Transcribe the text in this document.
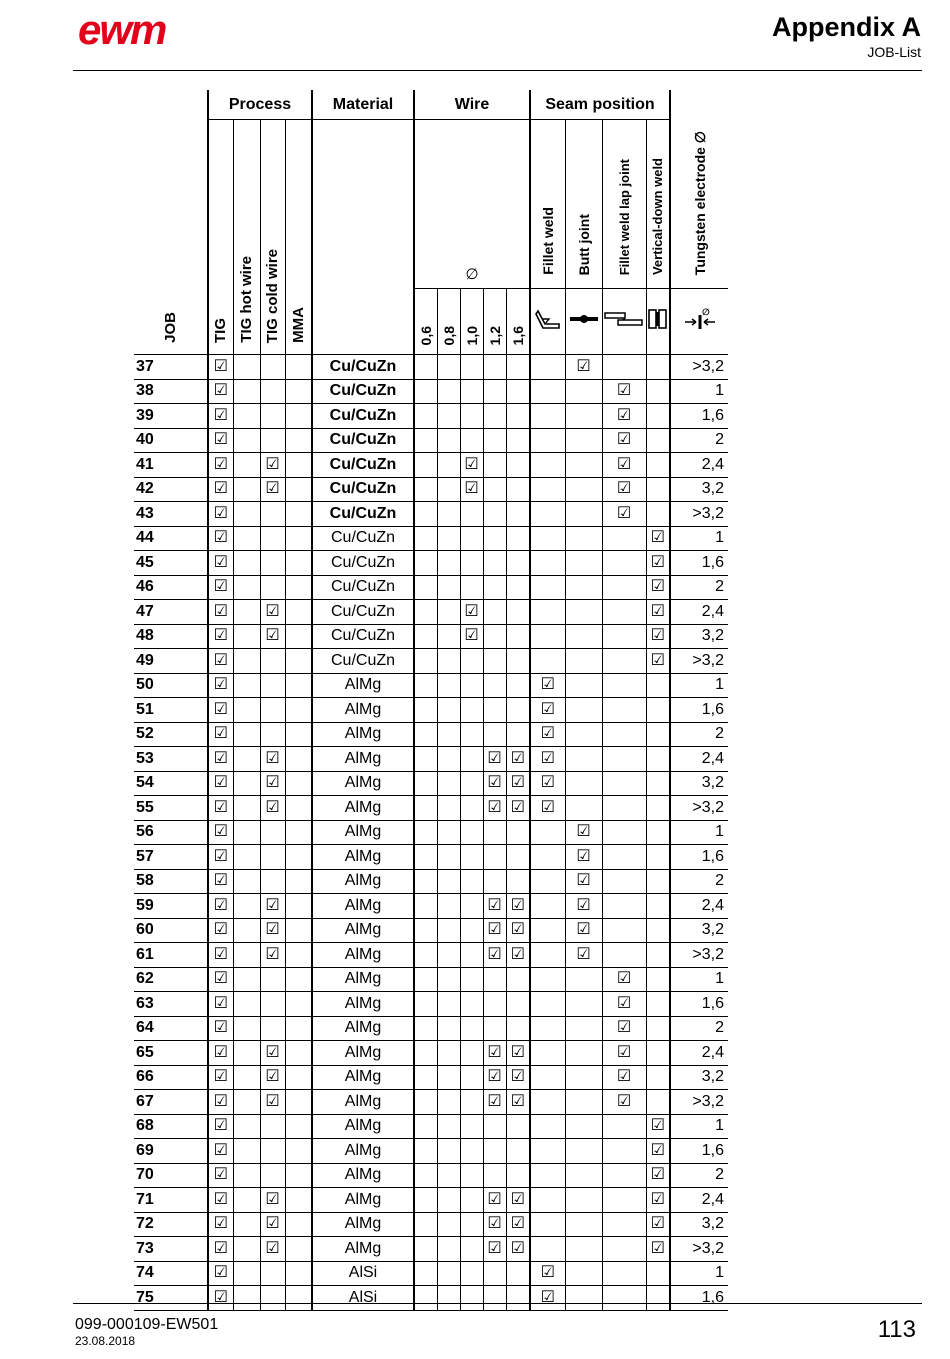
ewm	Appendix A
JOB-List
JOB	Process				Material	Wire					Seam position				Tungsten electrode ∅
	TIG	TIG hot wire	TIG cold wire	MMA		∅					Fillet weld	Butt joint	Fillet weld lap joint	Vertical-down weld	
						0,6	0,8	1,0	1,2	1,6					∅

37	☑				Cu/CuZn							☑			>3,2
38	☑				Cu/CuZn								☑		1
39	☑				Cu/CuZn								☑		1,6
40	☑				Cu/CuZn								☑		2
41	☑		☑		Cu/CuZn			☑					☑		2,4
42	☑		☑		Cu/CuZn			☑					☑		3,2
43	☑				Cu/CuZn								☑		>3,2
44	☑				Cu/CuZn									☑	1
45	☑				Cu/CuZn									☑	1,6
46	☑				Cu/CuZn									☑	2
47	☑		☑		Cu/CuZn			☑						☑	2,4
48	☑		☑		Cu/CuZn			☑						☑	3,2
49	☑				Cu/CuZn									☑	>3,2
50	☑				AlMg						☑				1
51	☑				AlMg						☑				1,6
52	☑				AlMg						☑				2
53	☑		☑		AlMg				☑	☑	☑				2,4
54	☑		☑		AlMg				☑	☑	☑				3,2
55	☑		☑		AlMg				☑	☑	☑				>3,2
56	☑				AlMg							☑			1
57	☑				AlMg							☑			1,6
58	☑				AlMg							☑			2
59	☑		☑		AlMg				☑	☑		☑			2,4
60	☑		☑		AlMg				☑	☑		☑			3,2
61	☑		☑		AlMg				☑	☑		☑			>3,2
62	☑				AlMg								☑		1
63	☑				AlMg								☑		1,6
64	☑				AlMg								☑		2
65	☑		☑		AlMg				☑	☑			☑		2,4
66	☑		☑		AlMg				☑	☑			☑		3,2
67	☑		☑		AlMg				☑	☑			☑		>3,2
68	☑				AlMg									☑	1
69	☑				AlMg									☑	1,6
70	☑				AlMg									☑	2
71	☑		☑		AlMg				☑	☑				☑	2,4
72	☑		☑		AlMg				☑	☑				☑	3,2
73	☑		☑		AlMg				☑	☑				☑	>3,2
74	☑				AlSi						☑				1
75	☑				AlSi						☑				1,6
099-000109-EW501
23.08.2018	113
